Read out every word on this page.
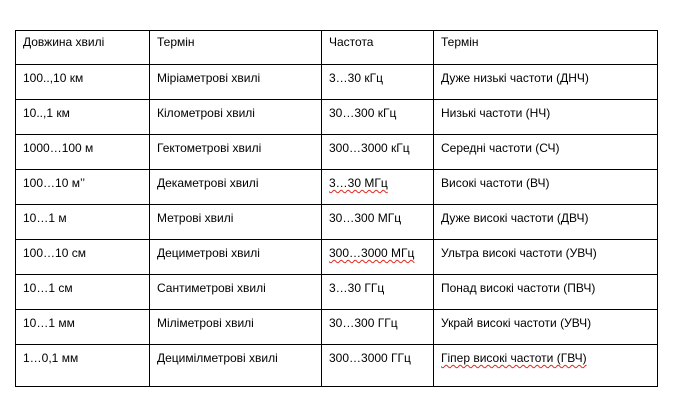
Довжина хвилі	Термін	Частота	Термін
100..,10 км	Міріаметрові хвилі	3…30 кГц	Дуже низькі частоти (ДНЧ)
10..,1 км	Кілометрові хвилі	30…300 кГц	Низькі частоти (НЧ)
1000…100 м	Гектометрові хвилі	300…3000 кГц	Середні частоти (СЧ)
100…10 м’’	Декаметрові хвилі	3…30 МГц	Високі частоти (ВЧ)
10…1 м	Метрові хвилі	30…300 МГц	Дуже високі частоти (ДВЧ)
100…10 см	Дециметрові хвилі	300…3000 МГц	Ультра високі частоти (УВЧ)
10…1 см	Сантиметрові хвилі	3…30 ГГц	Понад високі частоти (ПВЧ)
10…1 мм	Міліметрові хвилі	30…300 ГГц	Украй високі частоти (УВЧ)
1…0,1 мм	Децимілметрові хвилі	300…3000 ГГц	Гіпер високі частоти (ГВЧ)
